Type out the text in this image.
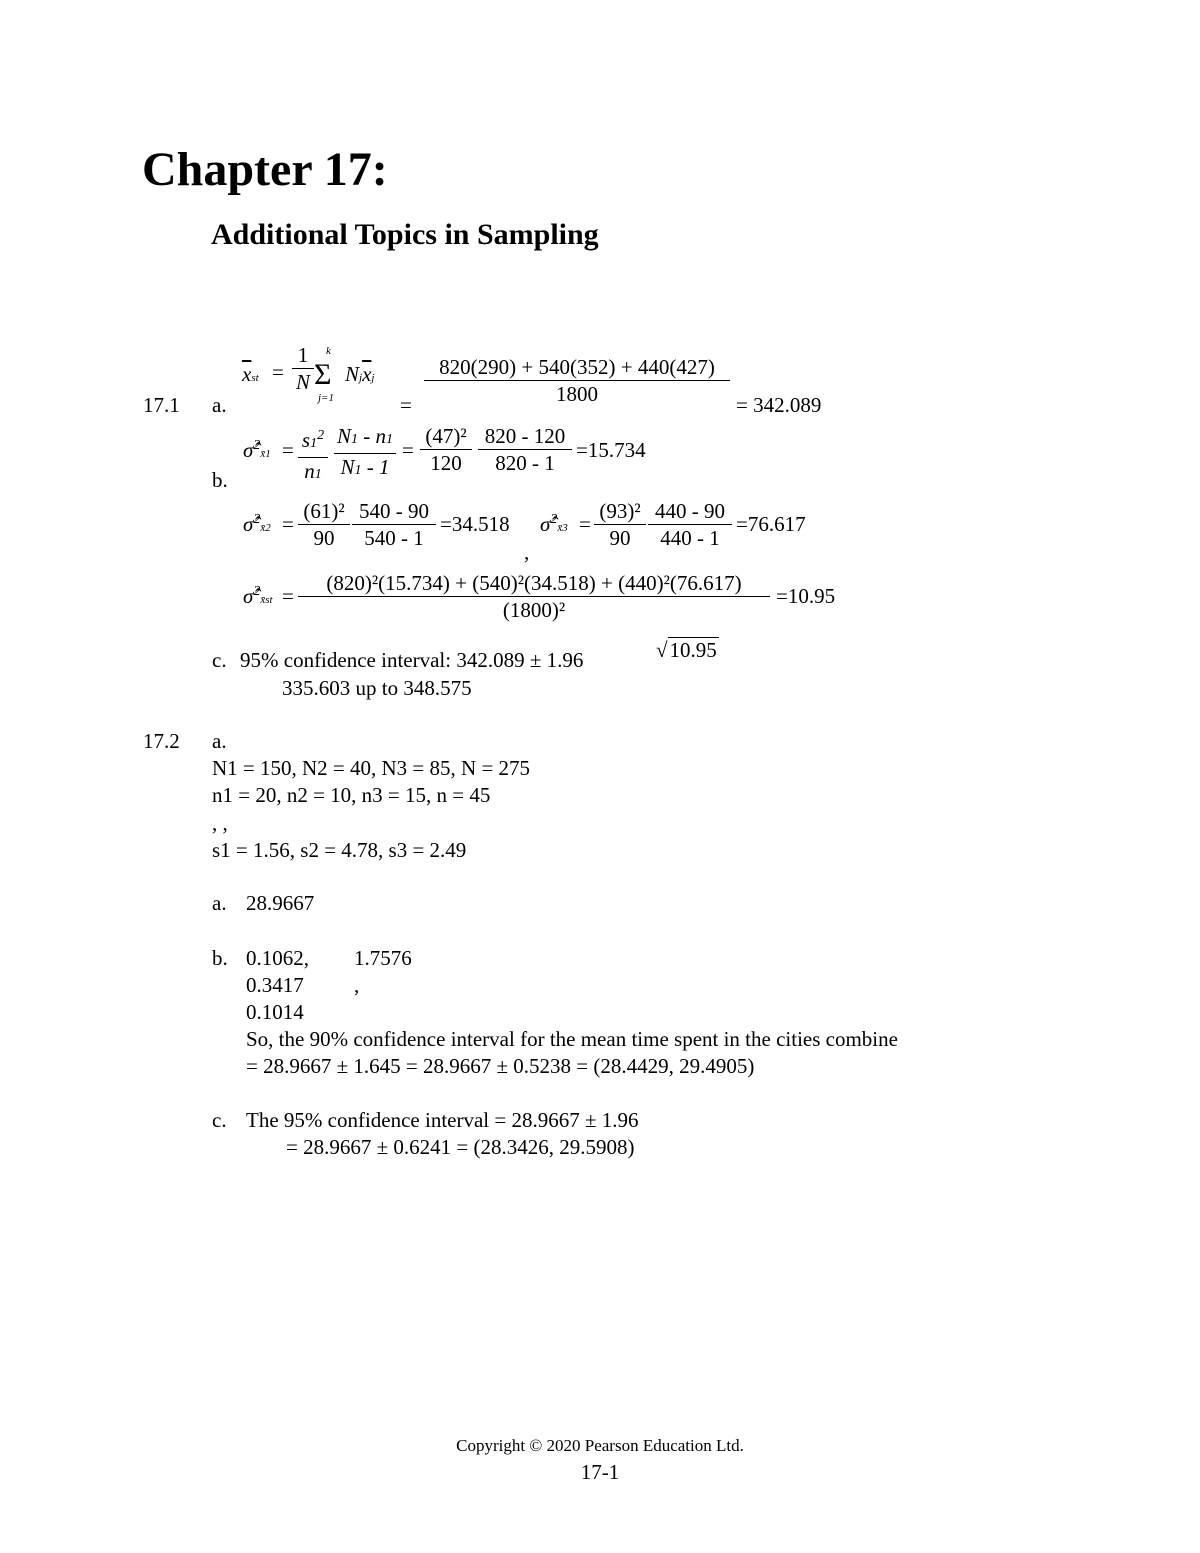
Chapter 17:
Additional Topics in Sampling
17.1 a.
$\overline{x}st = \frac{1}{N}$ Σ
k
j=1
$Nj\overline{x}j \frac{820(290) + 540(352) + 440(427)}{1800}$
=	= 342.089
b.
σ̂$^2$x̄1 = $\frac{s1^2}{n1} \frac{N1 - n1}{N1 - 1} = \frac{\text{(47)²}}{120} \frac{820 - 120}{820 - 1} =15.734$
σ̂$^2$x̄2 = $\frac{\text{(61)²}}{90} \frac{540 - 90}{540 - 1} =34.518$
,
σ̂$^2$x̄3 = $\frac{\text{(93)²}}{90} \frac{440 - 90}{440 - 1} =76.617$
σ̂$^2$x̄st = $\frac{\text{(820)²(15.734) + (540)²(34.518) + (440)²(76.617)}}{\text{(1800)²}} =10.95$
c. 95% confidence interval: 342.089 ± 1.96	√10.95
335.603 up to 348.575
17.2 a.
N1 = 150, N2 = 40, N3 = 85, N = 275
n1 = 20, n2 = 10, n3 = 15, n = 45
, ,
s1 = 1.56, s2 = 4.78, s3 = 2.49
a. 28.9667
b. 0.1062, 1.7576
0.3417 ,
0.1014
So, the 90% confidence interval for the mean time spent in the cities combine
= 28.9667 ± 1.645 = 28.9667 ± 0.5238 = (28.4429, 29.4905)
c. The 95% confidence interval = 28.9667 ± 1.96
= 28.9667 ± 0.6241 = (28.3426, 29.5908)
Copyright © 2020 Pearson Education Ltd.
17-1
